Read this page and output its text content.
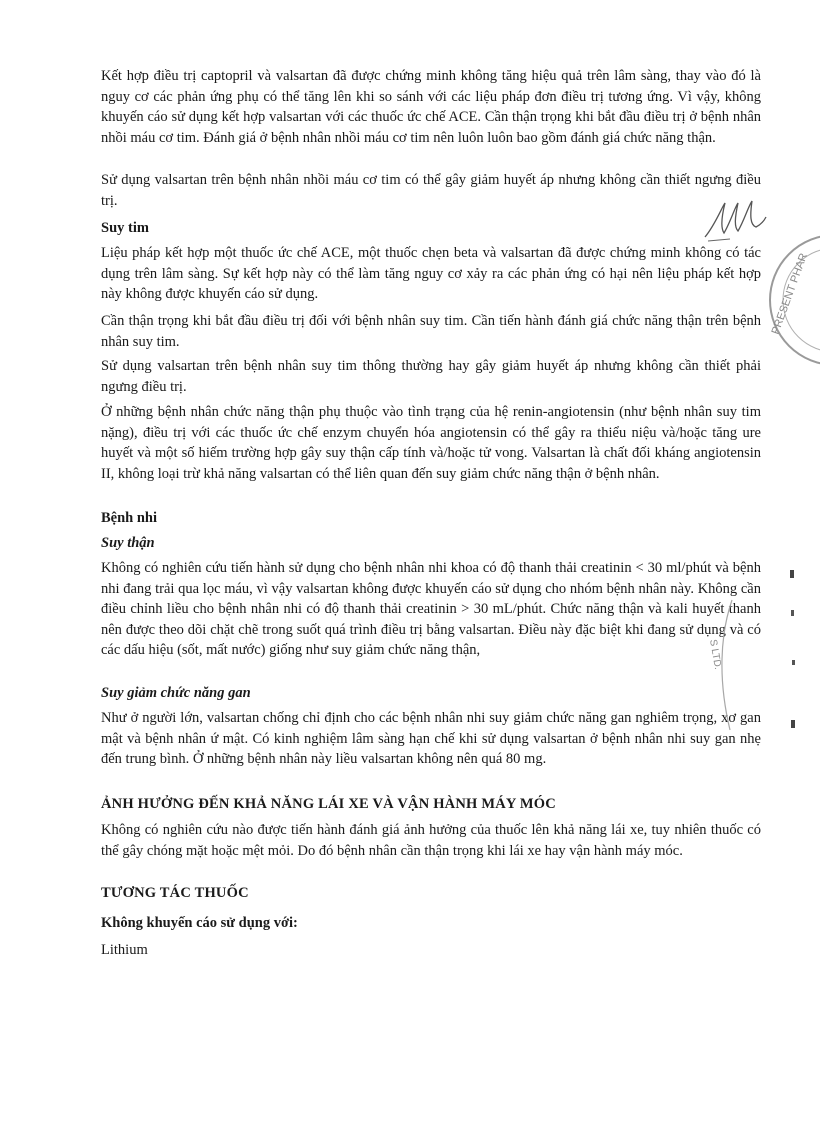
Kết hợp điều trị captopril và valsartan đã được chứng minh không tăng hiệu quả trên lâm sàng, thay vào đó là nguy cơ các phản ứng phụ có thể tăng lên khi so sánh với các liệu pháp đơn điều trị tương ứng. Vì vậy, không khuyến cáo sử dụng kết hợp valsartan với các thuốc ức chế ACE. Cần thận trọng khi bắt đầu điều trị ở bệnh nhân nhồi máu cơ tim. Đánh giá ở bệnh nhân nhồi máu cơ tim nên luôn luôn bao gồm đánh giá chức năng thận.
Sử dụng valsartan trên bệnh nhân nhồi máu cơ tim có thể gây giảm huyết áp nhưng không cần thiết ngưng điều trị.
Suy tim
Liệu pháp kết hợp một thuốc ức chế ACE, một thuốc chẹn beta và valsartan đã được chứng minh không có tác dụng trên lâm sàng. Sự kết hợp này có thể làm tăng nguy cơ xảy ra các phản ứng có hại nên liệu pháp kết hợp này không được khuyến cáo sử dụng.
Cần thận trọng khi bắt đầu điều trị đối với bệnh nhân suy tim. Cần tiến hành đánh giá chức năng thận trên bệnh nhân suy tim.
Sử dụng valsartan trên bệnh nhân suy tim thông thường hay gây giảm huyết áp nhưng không cần thiết phải ngưng điều trị.
Ở những bệnh nhân chức năng thận phụ thuộc vào tình trạng của hệ renin-angiotensin (như bệnh nhân suy tim nặng), điều trị với các thuốc ức chế enzym chuyển hóa angiotensin có thể gây ra thiểu niệu và/hoặc tăng ure huyết và một số hiếm trường hợp gây suy thận cấp tính và/hoặc tử vong. Valsartan là chất đối kháng angiotensin II, không loại trừ khả năng valsartan có thể liên quan đến suy giảm chức năng thận ở bệnh nhân.
Bệnh nhi
Suy thận
Không có nghiên cứu tiến hành sử dụng cho bệnh nhân nhi khoa có độ thanh thải creatinin < 30 ml/phút và bệnh nhi đang trải qua lọc máu, vì vậy valsartan không được khuyến cáo sử dụng cho nhóm bệnh nhân này. Không cần điều chỉnh liều cho bệnh nhân nhi có độ thanh thải creatinin > 30 mL/phút. Chức năng thận và kali huyết thanh nên được theo dõi chặt chẽ trong suốt quá trình điều trị bằng valsartan. Điều này đặc biệt khi đang sử dụng và có các dấu hiệu (sốt, mất nước) giống như suy giảm chức năng thận,
Suy giảm chức năng gan
Như ở người lớn, valsartan chống chỉ định cho các bệnh nhân nhi suy giảm chức năng gan nghiêm trọng, xơ gan mật và bệnh nhân ứ mật. Có kinh nghiệm lâm sàng hạn chế khi sử dụng valsartan ở bệnh nhân nhi suy gan nhẹ đến trung bình. Ở những bệnh nhân này liều valsartan không nên quá 80 mg.
ẢNH HƯỞNG ĐẾN KHẢ NĂNG LÁI XE VÀ VẬN HÀNH MÁY MÓC
Không có nghiên cứu nào được tiến hành đánh giá ảnh hưởng của thuốc lên khả năng lái xe, tuy nhiên thuốc có thể gây chóng mặt hoặc mệt mỏi. Do đó bệnh nhân cần thận trọng khi lái xe hay vận hành máy móc.
TƯƠNG TÁC THUỐC
Không khuyến cáo sử dụng với:
Lithium
PRESENT PHAR
S LTD.
